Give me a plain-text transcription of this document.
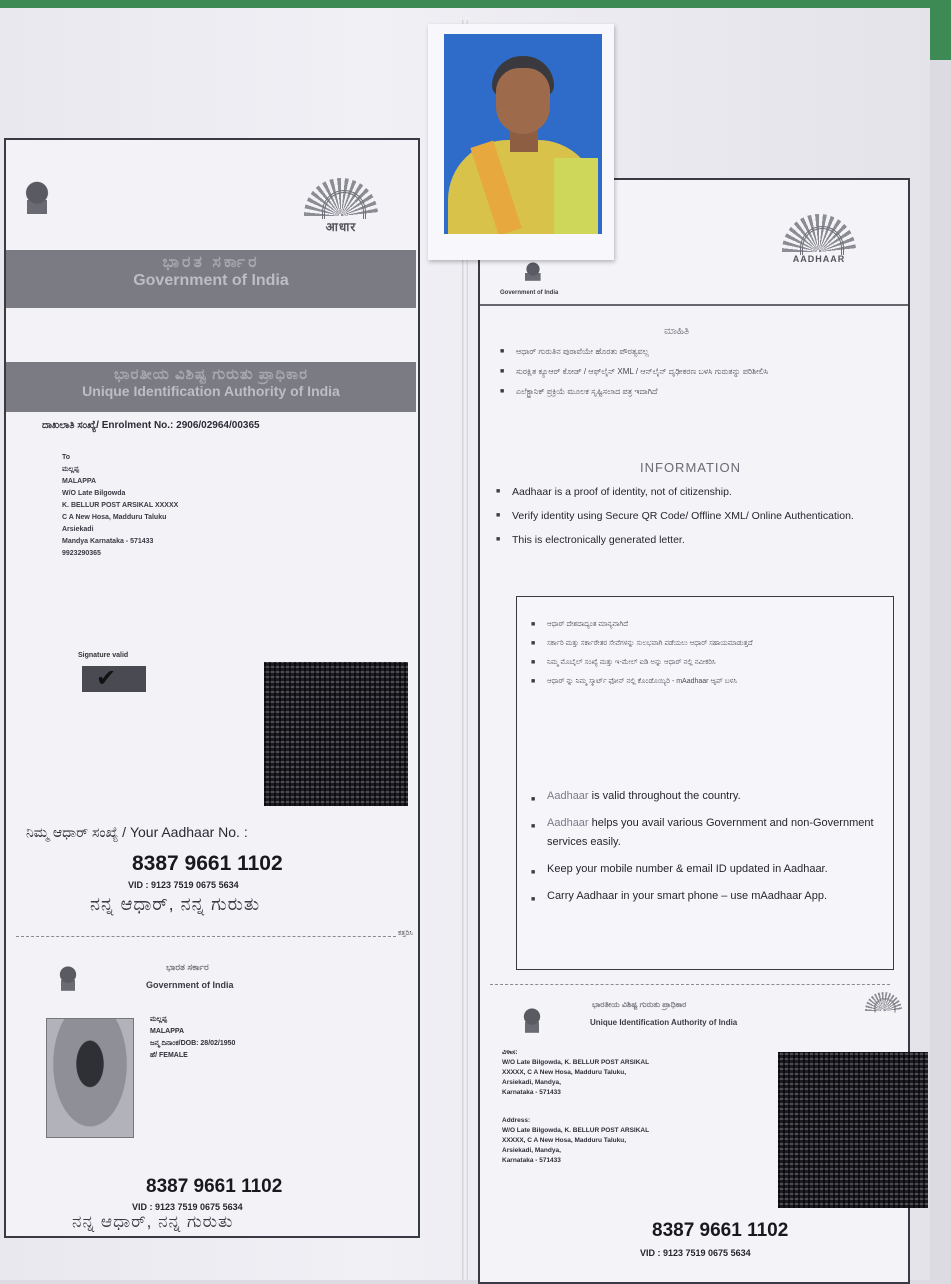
आधार
ಭಾರತ ಸರ್ಕಾರ
Government of India
ಭಾರತೀಯ ವಿಶಿಷ್ಟ ಗುರುತು ಪ್ರಾಧಿಕಾರ
Unique Identification Authority of India
ದಾಖಲಾತಿ ಸಂಖ್ಯೆ/ Enrolment No.: 2906/02964/00365
To
ಮಲ್ಲಪ್ಪ
MALAPPA
W/O Late Bilgowda
K. BELLUR POST ARSIKAL XXXXX
C A New Hosa, Madduru Taluku
Arsiekadi
Mandya Karnataka - 571433
9923290365
Signature valid
✔
ನಿಮ್ಮ ಆಧಾರ್ ಸಂಖ್ಯೆ / Your Aadhaar No. :
8387 9661 1102
VID : 9123 7519 0675 5634
ನನ್ನ ಆಧಾರ್, ನನ್ನ ಗುರುತು
ಕತ್ತರಿಸಿ
ಭಾರತ ಸರ್ಕಾರ
Government of India
ಮಲ್ಲಪ್ಪ
MALAPPA
ಜನ್ಮ ದಿನಾಂಕ/DOB: 28/02/1950
ಹೆ/ FEMALE
8387 9661 1102
VID : 9123 7519 0675 5634
ನನ್ನ ಆಧಾರ್, ನನ್ನ ಗುರುತು
AADHAAR
Government of India
ಮಾಹಿತಿ
■ ಆಧಾರ್ ಗುರುತಿನ ಪುರಾವೆಯೇ ಹೊರತು ಪೌರತ್ವವಲ್ಲ
■ ಸುರಕ್ಷಿತ ಕ್ಯೂಆರ್ ಕೋಡ್ / ಆಫ್‌ಲೈನ್ XML / ಆನ್‌ಲೈನ್ ದೃಢೀಕರಣ ಬಳಸಿ ಗುರುತನ್ನು ಪರಿಶೀಲಿಸಿ
■ ಎಲೆಕ್ಟ್ರಾನಿಕ್ ಪ್ರಕ್ರಿಯೆ ಮೂಲಕ ಸೃಷ್ಟಿಸಲಾದ ಪತ್ರ ಇದಾಗಿದೆ
INFORMATION
■ Aadhaar is a proof of identity, not of citizenship.
■ Verify identity using Secure QR Code/ Offline XML/ Online Authentication.
■ This is electronically generated letter.
■ ಆಧಾರ್ ದೇಶದಾದ್ಯಂತ ಮಾನ್ಯವಾಗಿದೆ
■ ಸರ್ಕಾರಿ ಮತ್ತು ಸರ್ಕಾರೇತರ ಸೇವೆಗಳನ್ನು ಸುಲಭವಾಗಿ ಪಡೆಯಲು ಆಧಾರ್ ಸಹಾಯಮಾಡುತ್ತದೆ
■ ನಿಮ್ಮ ಮೊಬೈಲ್ ಸಂಖ್ಯೆ ಮತ್ತು ಇ-ಮೇಲ್ ಐಡಿ ಅನ್ನು ಆಧಾರ್ ನಲ್ಲಿ ನವೀಕರಿಸಿ
■ ಆಧಾರ್ ನ್ನು ನಿಮ್ಮ ಸ್ಮಾರ್ಟ್ ಫೋನ್ ನಲ್ಲಿ ಕೊಂಡೊಯ್ಯಿರಿ - mAadhaar ಆ್ಯಪ್ ಬಳಸಿ
■ Aadhaar is valid throughout the country.
■ Aadhaar helps you avail various Government and non-Government services easily.
■ Keep your mobile number & email ID updated in Aadhaar.
■ Carry Aadhaar in your smart phone – use mAadhaar App.
ಭಾರತೀಯ ವಿಶಿಷ್ಟ ಗುರುತು ಪ್ರಾಧಿಕಾರ
Unique Identification Authority of India
ವಿಳಾಸ:
W/O Late Bilgowda, K. BELLUR POST ARSIKAL
XXXXX, C A New Hosa, Madduru Taluku,
Arsiekadi, Mandya,
Karnataka - 571433
Address:
W/O Late Bilgowda, K. BELLUR POST ARSIKAL
XXXXX, C A New Hosa, Madduru Taluku,
Arsiekadi, Mandya,
Karnataka - 571433
8387 9661 1102
VID : 9123 7519 0675 5634
